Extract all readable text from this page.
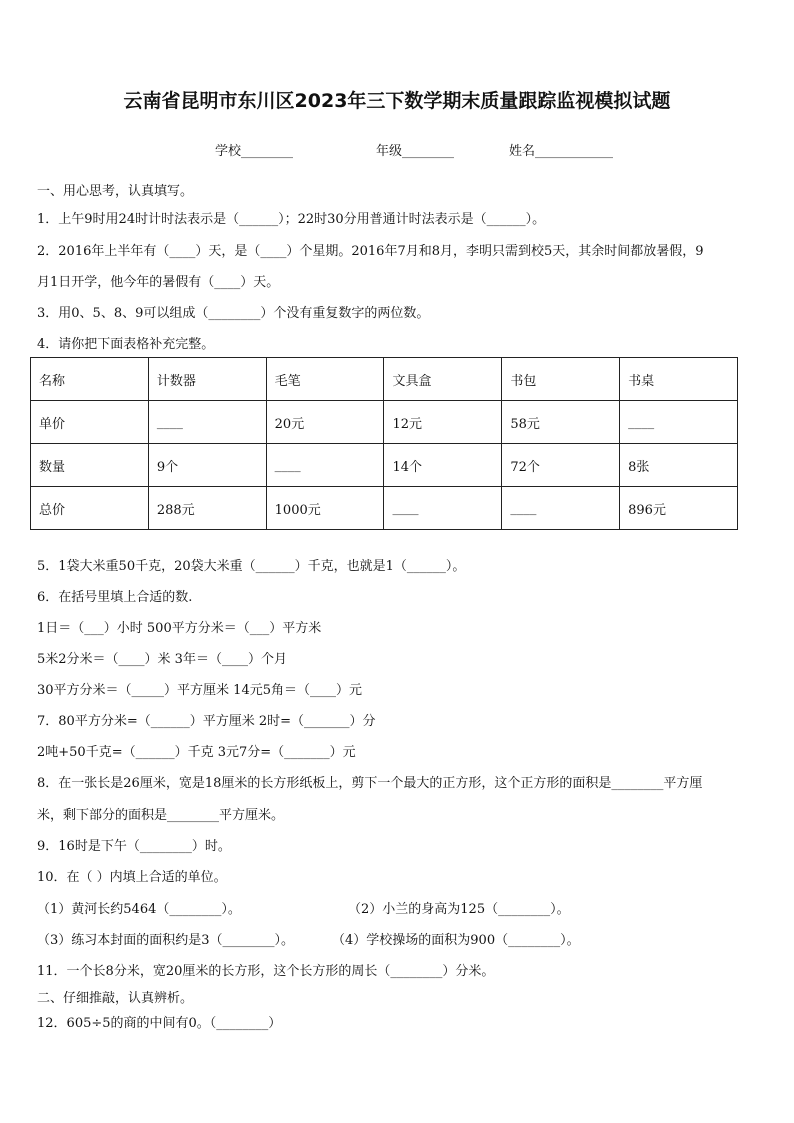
云南省昆明市东川区2023年三下数学期末质量跟踪监视模拟试题
学校________	年级________	姓名____________
一、用心思考，认真填写。
1．上午9时用24时计时法表示是（______）；22时30分用普通计时法表示是（______）。
2．2016年上半年有（____）天，是（____）个星期。2016年7月和8月，李明只需到校5天，其余时间都放暑假，9
月1日开学，他今年的暑假有（____）天。
3．用0、5、8、9可以组成（________）个没有重复数字的两位数。
4．请你把下面表格补充完整。
名称	计数器	毛笔	文具盒	书包	书桌
单价	____	20元	12元	58元	____
数量	9个	____	14个	72个	8张
总价	288元	1000元	____	____	896元
5．1袋大米重50千克，20袋大米重（______）千克，也就是1（______）。
6．在括号里填上合适的数.
1日＝（___）小时 500平方分米＝（___）平方米
5米2分米＝（____）米 3年＝（____）个月
30平方分米＝（_____）平方厘米 14元5角＝（____）元
7．80平方分米=（______）平方厘米 2时=（_______）分
2吨+50千克=（______）千克 3元7分=（_______）元
8．在一张长是26厘米，宽是18厘米的长方形纸板上，剪下一个最大的正方形，这个正方形的面积是________平方厘
米，剩下部分的面积是________平方厘米。
9．16时是下午（________）时。
10．在（ ）内填上合适的单位。
（1）黄河长约5464（________）。	（2）小兰的身高为125（________）。
（3）练习本封面的面积约是3（________）。	（4）学校操场的面积为900（________）。
11．一个长8分米，宽20厘米的长方形，这个长方形的周长（________）分米。
二、仔细推敲，认真辨析。
12．605÷5的商的中间有0。（________）
